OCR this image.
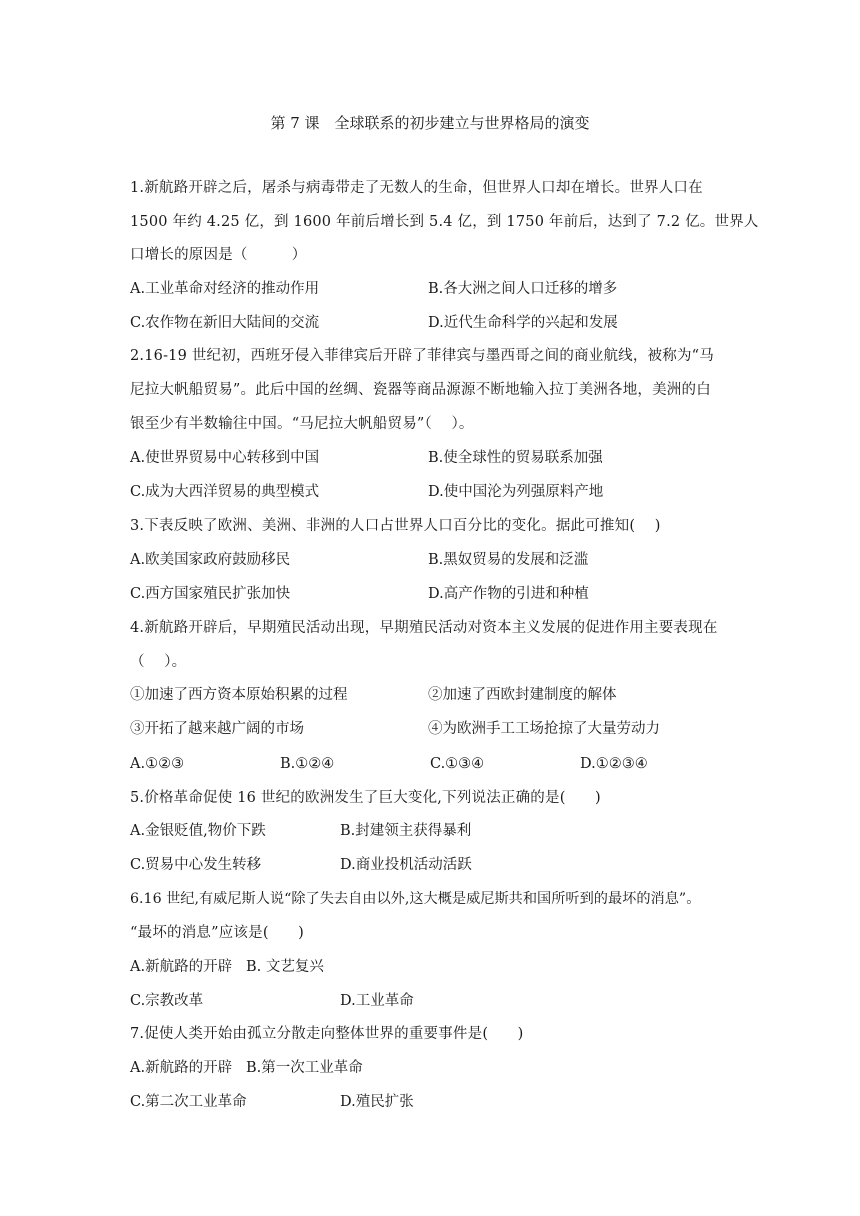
第 7 课　全球联系的初步建立与世界格局的演变
1.新航路开辟之后，屠杀与病毒带走了无数人的生命，但世界人口却在增长。世界人口在
1500 年约 4.25 亿，到 1600 年前后增长到 5.4 亿，到 1750 年前后，达到了 7.2 亿。世界人
口增长的原因是（　　　）
A.工业革命对经济的推动作用	B.各大洲之间人口迁移的增多
C.农作物在新旧大陆间的交流	D.近代生命科学的兴起和发展
2.16-19 世纪初，西班牙侵入菲律宾后开辟了菲律宾与墨西哥之间的商业航线，被称为“马
尼拉大帆船贸易”。此后中国的丝绸、瓷器等商品源源不断地输入拉丁美洲各地，美洲的白
银至少有半数输往中国。“马尼拉大帆船贸易”（　 ）。
A.使世界贸易中心转移到中国	B.使全球性的贸易联系加强
C.成为大西洋贸易的典型模式	D.使中国沦为列强原料产地
3.下表反映了欧洲、美洲、非洲的人口占世界人口百分比的变化。据此可推知(　 )
A.欧美国家政府鼓励移民	B.黑奴贸易的发展和泛滥
C.西方国家殖民扩张加快	D.高产作物的引进和种植
4.新航路开辟后，早期殖民活动出现，早期殖民活动对资本主义发展的促进作用主要表现在
（　 ）。
①加速了西方资本原始积累的过程	②加速了西欧封建制度的解体
③开拓了越来越广阔的市场	④为欧洲手工工场抢掠了大量劳动力
A.①②③	B.①②④	C.①③④	D.①②③④
5.价格革命促使 16 世纪的欧洲发生了巨大变化,下列说法正确的是(　　)
A.金银贬值,物价下跌	B.封建领主获得暴利
C.贸易中心发生转移	D.商业投机活动活跃
6.16 世纪,有威尼斯人说“除了失去自由以外,这大概是威尼斯共和国所听到的最坏的消息”。
“最坏的消息”应该是(　　)
A.新航路的开辟 B. 文艺复兴
C.宗教改革	D.工业革命
7.促使人类开始由孤立分散走向整体世界的重要事件是(　　)
A.新航路的开辟 B.第一次工业革命
C.第二次工业革命	D.殖民扩张
